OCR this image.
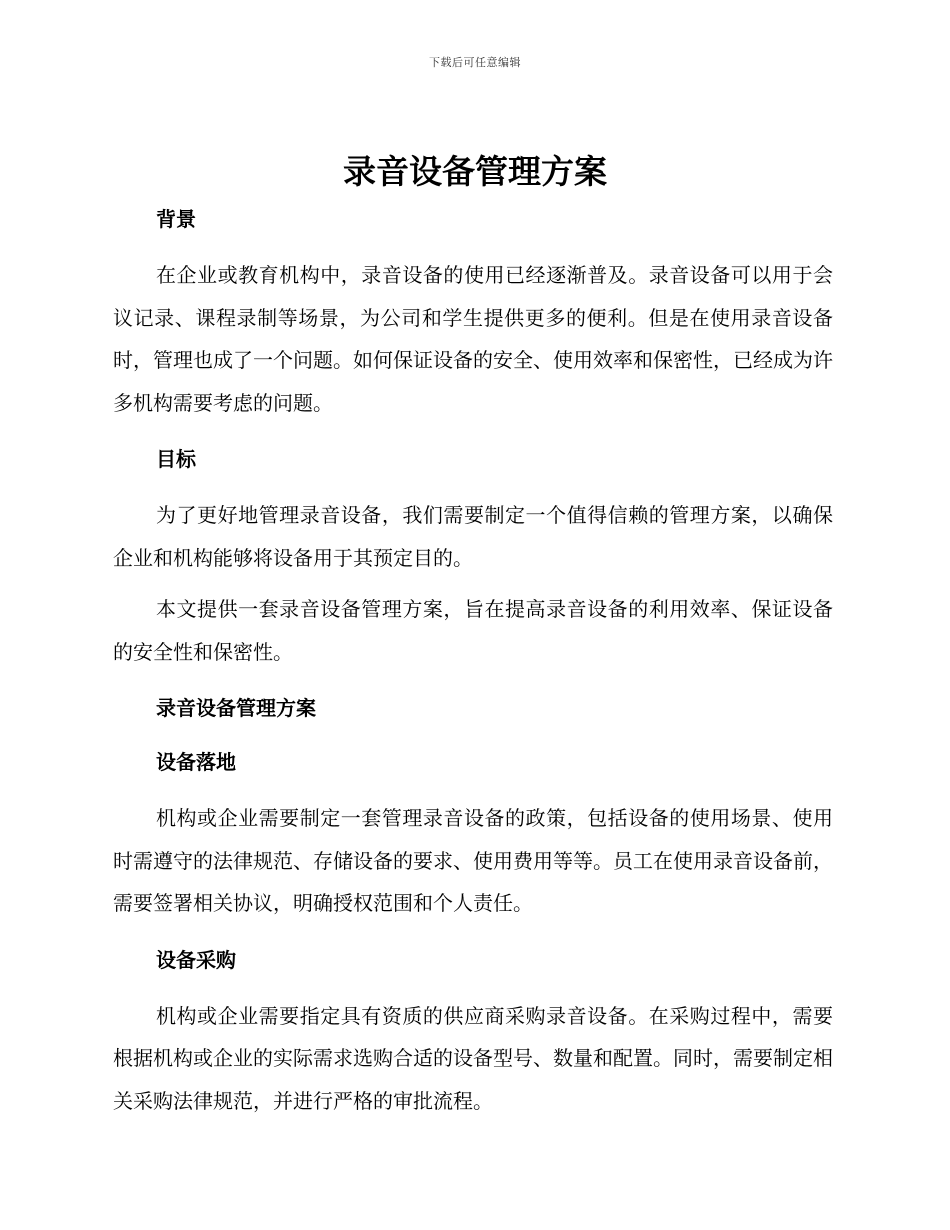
下载后可任意编辑
录音设备管理方案
背景

在企业或教育机构中，录音设备的使用已经逐渐普及。录音设备可以用于会议记录、课程录制等场景，为公司和学生提供更多的便利。但是在使用录音设备时，管理也成了一个问题。如何保证设备的安全、使用效率和保密性，已经成为许多机构需要考虑的问题。

目标

为了更好地管理录音设备，我们需要制定一个值得信赖的管理方案，以确保企业和机构能够将设备用于其预定目的。

本文提供一套录音设备管理方案，旨在提高录音设备的利用效率、保证设备的安全性和保密性。

录音设备管理方案
设备落地

机构或企业需要制定一套管理录音设备的政策，包括设备的使用场景、使用时需遵守的法律规范、存储设备的要求、使用费用等等。员工在使用录音设备前，需要签署相关协议，明确授权范围和个人责任。

设备采购

机构或企业需要指定具有资质的供应商采购录音设备。在采购过程中，需要根据机构或企业的实际需求选购合适的设备型号、数量和配置。同时，需要制定相关采购法律规范，并进行严格的审批流程。
